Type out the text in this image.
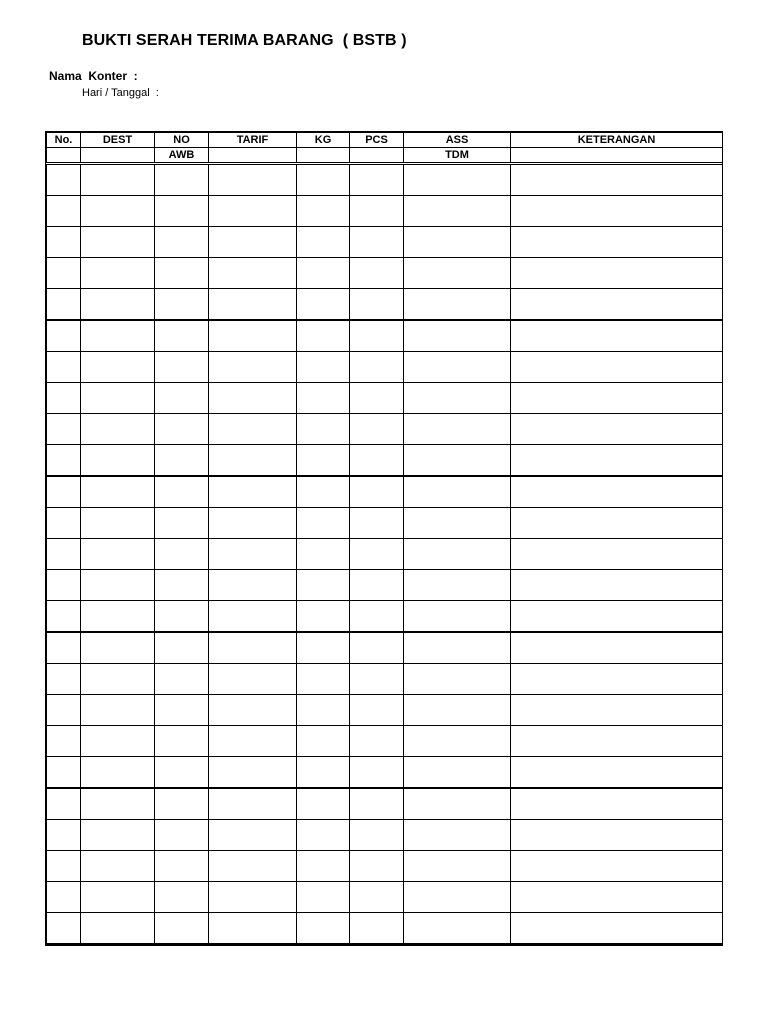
BUKTI SERAH TERIMA BARANG  ( BSTB )
Nama  Konter  :
Hari / Tanggal  :
No.	DEST	NO	TARIF	KG	PCS	ASS	KETERANGAN
		AWB				TDM	
